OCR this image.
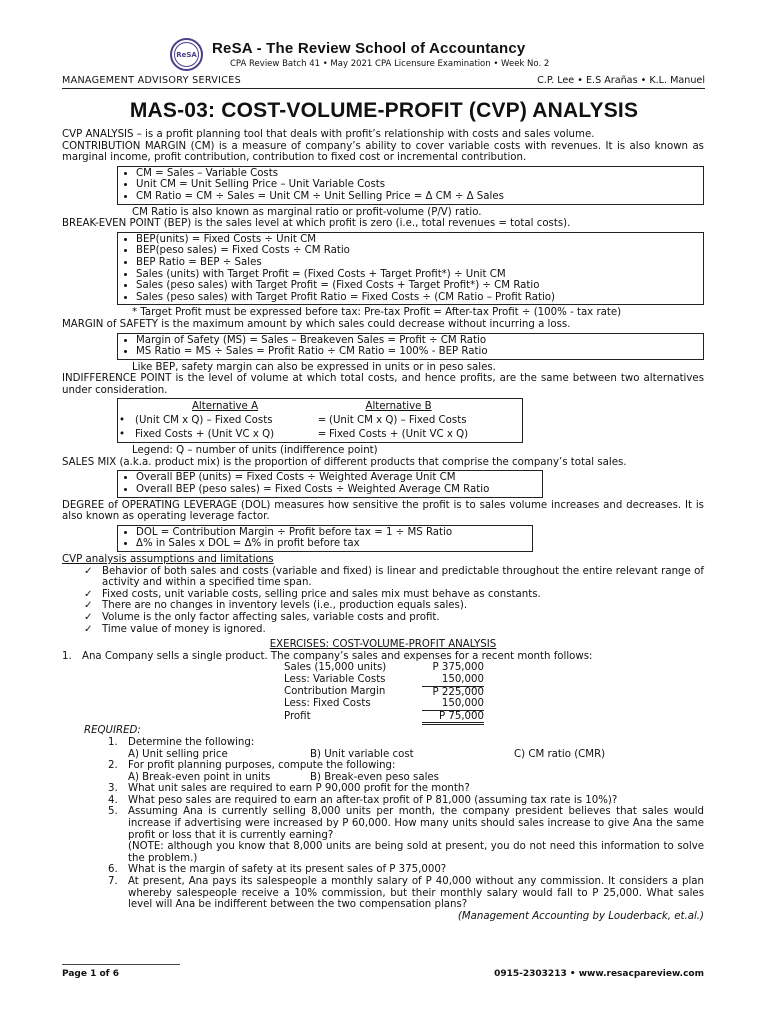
ReSA ReSA - The Review School of Accountancy
CPA Review Batch 41 • May 2021 CPA Licensure Examination • Week No. 2
MANAGEMENT ADVISORY SERVICES	C.P. Lee • E.S Arañas • K.L. Manuel
MAS-03: COST-VOLUME-PROFIT (CVP) ANALYSIS

CVP ANALYSIS – is a profit planning tool that deals with profit’s relationship with costs and sales volume.

CONTRIBUTION MARGIN (CM) is a measure of company’s ability to cover variable costs with revenues. It is also known as marginal income, profit contribution, contribution to fixed cost or incremental contribution.

• CM = Sales – Variable Costs
• Unit CM = Unit Selling Price – Unit Variable Costs
• CM Ratio = CM ÷ Sales = Unit CM ÷ Unit Selling Price = Δ CM ÷ Δ Sales

CM Ratio is also known as marginal ratio or profit-volume (P/V) ratio.

BREAK-EVEN POINT (BEP) is the sales level at which profit is zero (i.e., total revenues = total costs).

• BEP(units) = Fixed Costs ÷ Unit CM
• BEP(peso sales) = Fixed Costs ÷ CM Ratio
• BEP Ratio = BEP ÷ Sales
• Sales (units) with Target Profit = (Fixed Costs + Target Profit*) ÷ Unit CM
• Sales (peso sales) with Target Profit = (Fixed Costs + Target Profit*) ÷ CM Ratio
• Sales (peso sales) with Target Profit Ratio = Fixed Costs ÷ (CM Ratio – Profit Ratio)

* Target Profit must be expressed before tax: Pre-tax Profit = After-tax Profit ÷ (100% - tax rate)

MARGIN of SAFETY is the maximum amount by which sales could decrease without incurring a loss.

• Margin of Safety (MS) = Sales – Breakeven Sales = Profit ÷ CM Ratio
• MS Ratio = MS ÷ Sales = Profit Ratio ÷ CM Ratio = 100% - BEP Ratio

Like BEP, safety margin can also be expressed in units or in peso sales.

INDIFFERENCE POINT is the level of volume at which total costs, and hence profits, are the same between two alternatives under consideration.

	Alternative A		Alternative B
•	(Unit CM x Q) – Fixed Costs	=	(Unit CM x Q) – Fixed Costs
•	Fixed Costs + (Unit VC x Q)	=	Fixed Costs + (Unit VC x Q)

Legend: Q – number of units (indifference point)

SALES MIX (a.k.a. product mix) is the proportion of different products that comprise the company’s total sales.

• Overall BEP (units) = Fixed Costs ÷ Weighted Average Unit CM
• Overall BEP (peso sales) = Fixed Costs ÷ Weighted Average CM Ratio

DEGREE of OPERATING LEVERAGE (DOL) measures how sensitive the profit is to sales volume increases and decreases. It is also known as operating leverage factor.

• DOL = Contribution Margin ÷ Profit before tax = 1 ÷ MS Ratio
• Δ% in Sales x DOL = Δ% in profit before tax

CVP analysis assumptions and limitations

✓ Behavior of both sales and costs (variable and fixed) is linear and predictable throughout the entire relevant range of activity and within a specified time span.
✓ Fixed costs, unit variable costs, selling price and sales mix must behave as constants.
✓ There are no changes in inventory levels (i.e., production equals sales).
✓ Volume is the only factor affecting sales, variable costs and profit.
✓ Time value of money is ignored.

EXERCISES: COST-VOLUME-PROFIT ANALYSIS

1. Ana Company sells a single product. The company’s sales and expenses for a recent month follows:

Sales (15,000 units)	P 375,000
Less: Variable Costs	150,000
Contribution Margin	P 225,000
Less: Fixed Costs	150,000
Profit	P 75,000

REQUIRED:

1. Determine the following:

A) Unit selling price	B) Unit variable cost	C) CM ratio (CMR)

2. For profit planning purposes, compute the following:

A) Break-even point in units	B) Break-even peso sales

3. What unit sales are required to earn P 90,000 profit for the month?

4. What peso sales are required to earn an after-tax profit of P 81,000 (assuming tax rate is 10%)?

5.	Assuming Ana is currently selling 8,000 units per month, the company president believes that sales would increase if advertising were increased by P 60,000. How many units should sales increase to give Ana the same profit or loss that it is currently earning?

(NOTE: although you know that 8,000 units are being sold at present, you do not need this information to solve the problem.)

6. What is the margin of safety at its present sales of P 375,000?

7.	At present, Ana pays its salespeople a monthly salary of P 40,000 without any commission. It considers a plan whereby salespeople receive a 10% commission, but their monthly salary would fall to P 25,000. What sales level will Ana be indifferent between the two compensation plans?

(Management Accounting by Louderback, et.al.)

Page 1 of 6	0915-2303213 • www.resacpareview.com
